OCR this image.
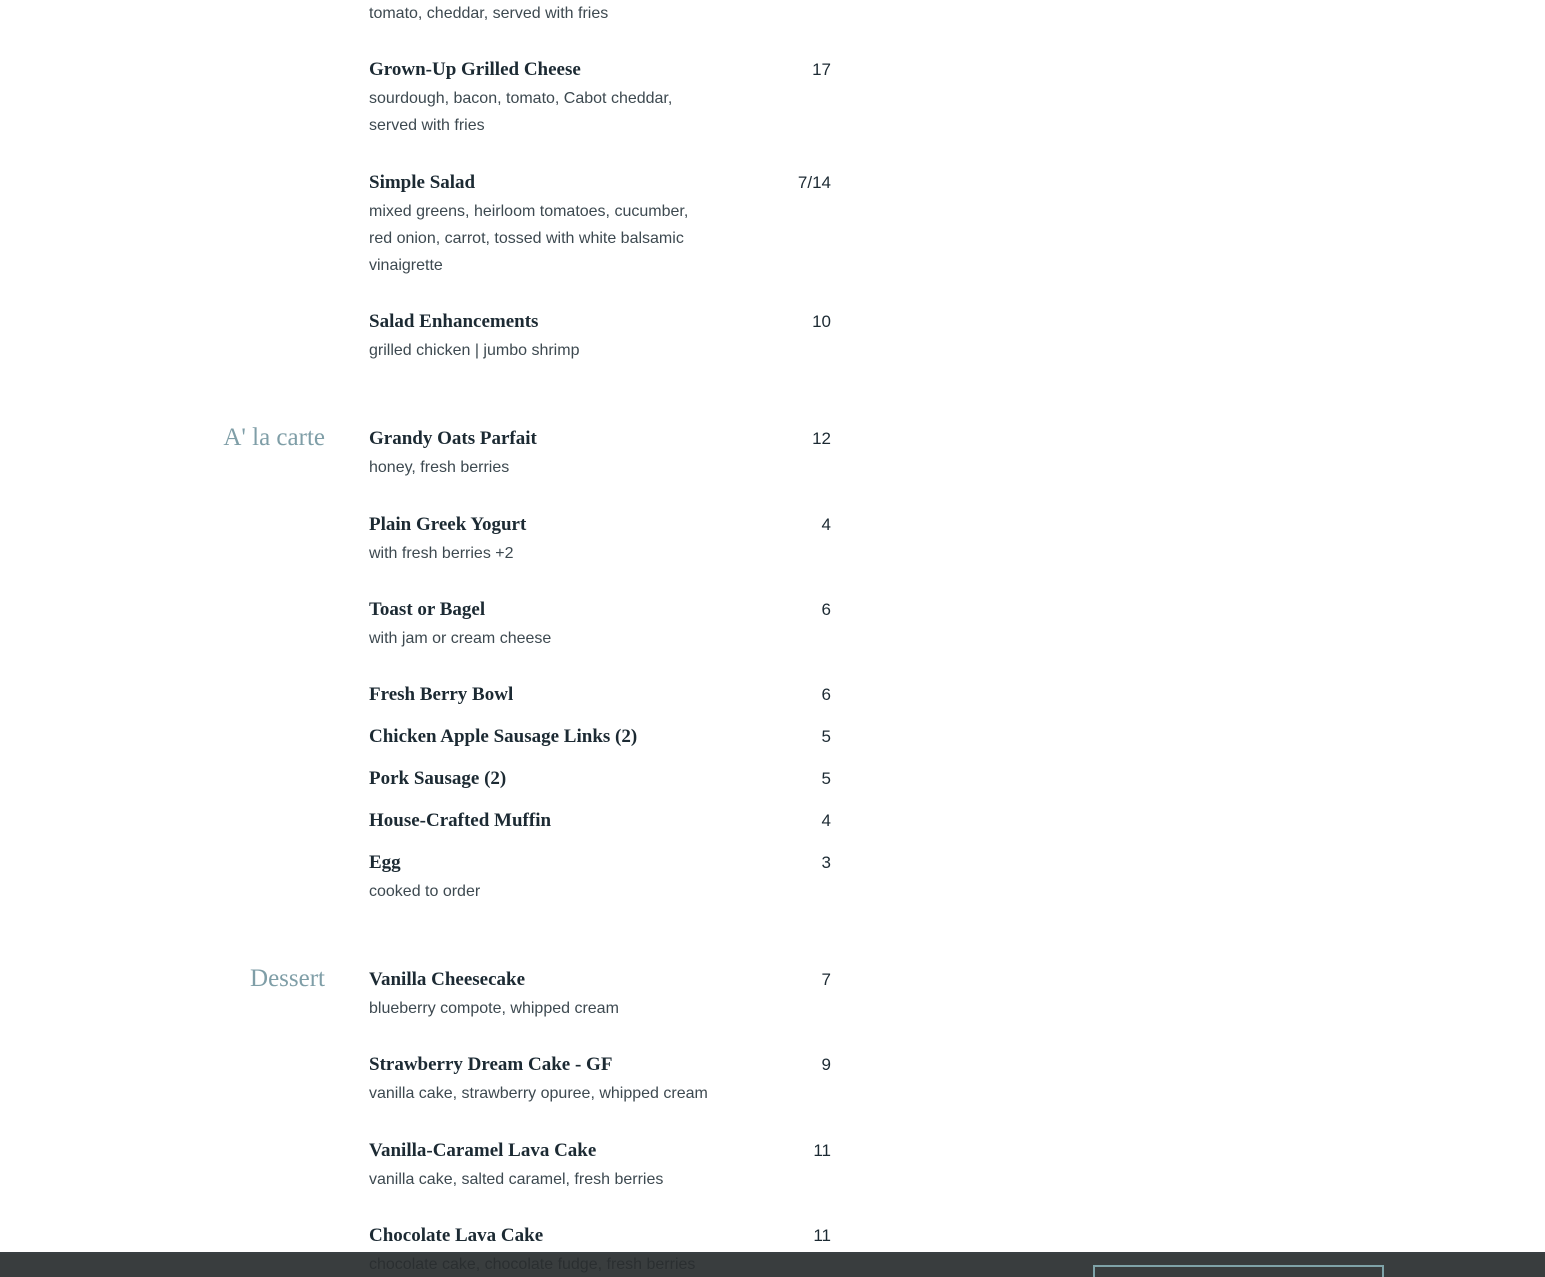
tomato, cheddar, served with fries
A' la carte
Dessert
Grown-Up Grilled Cheese	17
sourdough, bacon, tomato, Cabot cheddar, served with fries
Simple Salad	7/14
mixed greens, heirloom tomatoes, cucumber, red onion, carrot, tossed with white balsamic vinaigrette
Salad Enhancements	10
grilled chicken | jumbo shrimp
Grandy Oats Parfait	12
honey, fresh berries
Plain Greek Yogurt	4
with fresh berries +2
Toast or Bagel	6
with jam or cream cheese
Fresh Berry Bowl	6
Chicken Apple Sausage Links (2)	5
Pork Sausage (2)	5
House-Crafted Muffin	4
Egg	3
cooked to order
Vanilla Cheesecake	7
blueberry compote, whipped cream
Strawberry Dream Cake - GF	9
vanilla cake, strawberry opuree, whipped cream
Vanilla-Caramel Lava Cake	11
vanilla cake, salted caramel, fresh berries
Chocolate Lava Cake	11
